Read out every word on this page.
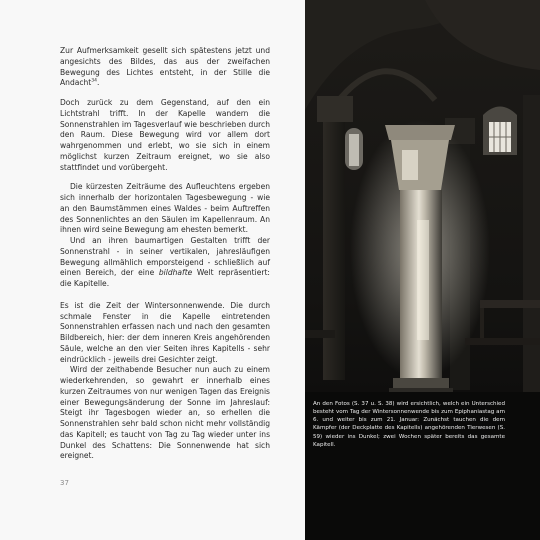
Zur Aufmerksamkeit gesellt sich spätestens jetzt und angesichts des Bildes, das aus der zweifachen Bewegung des Lichtes entsteht, in der Stille die Andacht$^{34}$.

Doch zurück zu dem Gegenstand, auf den ein Lichtstrahl trifft. In der Kapelle wandern die Sonnenstrahlen im Tagesverlauf wie beschrieben durch den Raum. Diese Bewegung wird vor allem dort wahrgenommen und erlebt, wo sie sich in einem möglichst kurzen Zeitraum ereignet, wo sie also stattfindet und vorübergeht.

Die kürzesten Zeiträume des Aufleuchtens ergeben sich innerhalb der horizontalen Tagesbewegung - wie an den Baumstämmen eines Waldes - beim Auftreffen des Sonnenlichtes an den Säulen im Kapellenraum. An ihnen wird seine Bewegung am ehesten bemerkt.

Und an ihren baumartigen Gestalten trifft der Sonnenstrahl - in seiner vertikalen, jahresläufigen Bewegung allmählich emporsteigend - schließlich auf einen Bereich, der eine bildhafte Welt repräsentiert: die Kapitelle.

Es ist die Zeit der Wintersonnenwende. Die durch schmale Fenster in die Kapelle eintretenden Sonnenstrahlen erfassen nach und nach den gesamten Bildbereich, hier: der dem inneren Kreis angehörenden Säule, welche an den vier Seiten ihres Kapitells - sehr eindrücklich - jeweils drei Gesichter zeigt.

Wird der zeithabende Besucher nun auch zu einem wiederkehrenden, so gewahrt er innerhalb eines kurzen Zeitraumes von nur wenigen Tagen das Ereignis einer Bewegungsänderung der Sonne im Jahreslauf: Steigt ihr Tagesbogen wieder an, so erhellen die Sonnenstrahlen sehr bald schon nicht mehr vollständig das Kapitell; es taucht von Tag zu Tag wieder unter ins Dunkel des Schattens: Die Sonnenwende hat sich ereignet.

37
An den Fotos (S. 37 u. S. 38) wird ersichtlich, welch ein Unterschied besteht vom Tag der Wintersonnenwende bis zum Epiphaniastag am 6. und weiter bis zum 21. Januar: Zunächst tauchen die dem Kämpfer (der Deckplatte des Kapitells) angehörenden Tierwesen (S. 59) wieder ins Dunkel; zwei Wochen später bereits das gesamte Kapitell.
